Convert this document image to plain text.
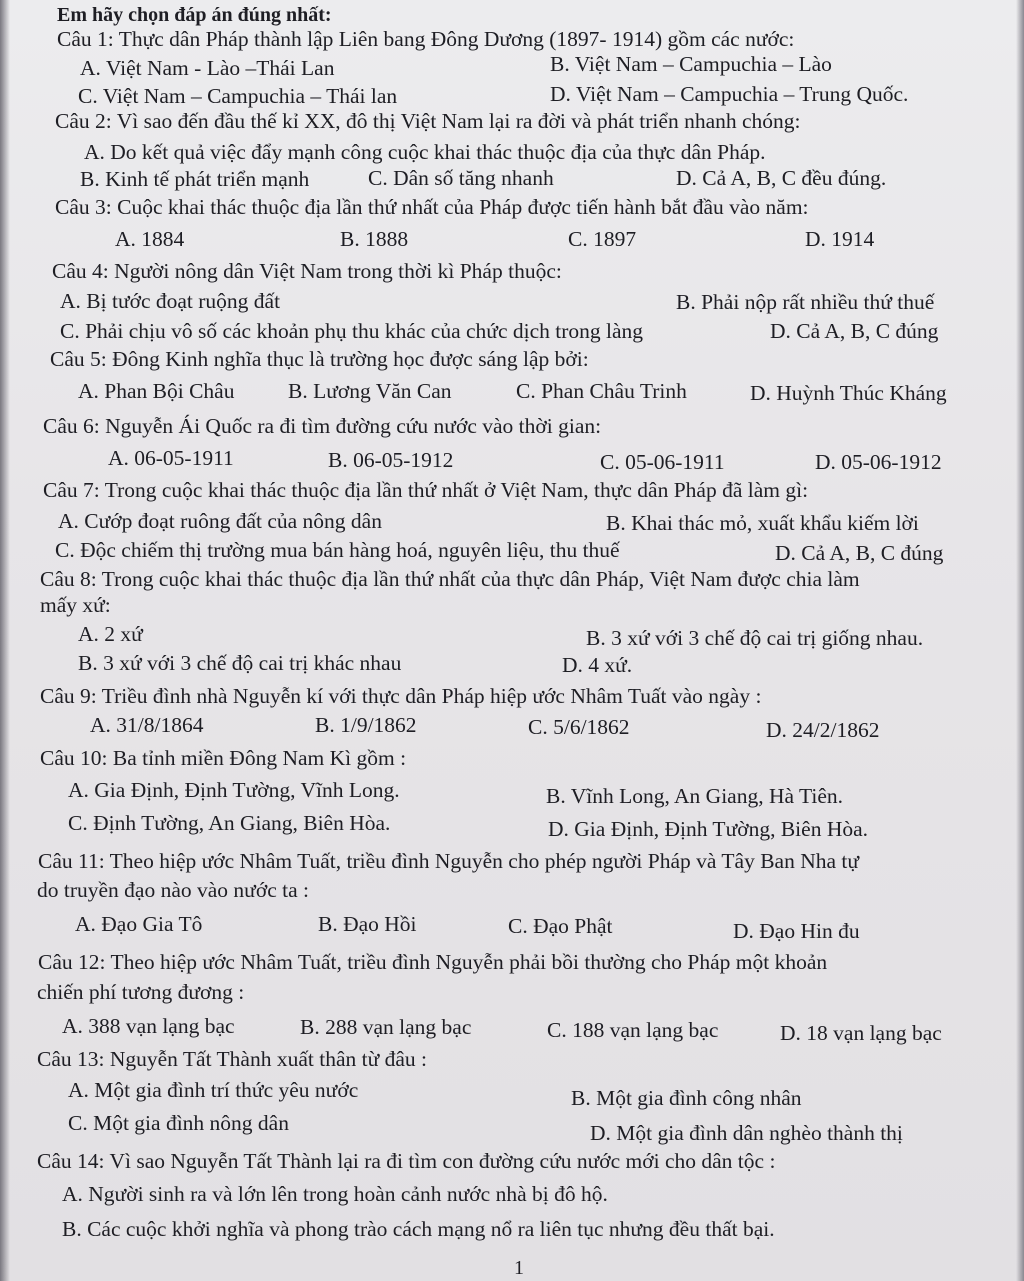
Em hãy chọn đáp án đúng nhất:
Câu 1: Thực dân Pháp thành lập Liên bang Đông Dương (1897- 1914) gồm các nước:
A. Việt Nam - Lào –Thái Lan	B. Việt Nam – Campuchia – Lào
C. Việt Nam – Campuchia – Thái lan	D. Việt Nam – Campuchia – Trung Quốc.
Câu 2: Vì sao đến đầu thế kỉ XX, đô thị Việt Nam lại ra đời và phát triển nhanh chóng:
A. Do kết quả việc đẩy mạnh công cuộc khai thác thuộc địa của thực dân Pháp.
B. Kinh tế phát triển mạnh	C. Dân số tăng nhanh	D. Cả A, B, C đều đúng.
Câu 3: Cuộc khai thác thuộc địa lần thứ nhất của Pháp được tiến hành bắt đầu vào năm:
A. 1884	B. 1888	C. 1897	D. 1914
Câu 4: Người nông dân Việt Nam trong thời kì Pháp thuộc:
A. Bị tước đoạt ruộng đất	B. Phải nộp rất nhiều thứ thuế
C. Phải chịu vô số các khoản phụ thu khác của chức dịch trong làng	D. Cả A, B, C đúng
Câu 5: Đông Kinh nghĩa thục là trường học được sáng lập bởi:
A. Phan Bội Châu B. Lương Văn Can	C. Phan Châu Trinh	D. Huỳnh Thúc Kháng
Câu 6: Nguyễn Ái Quốc ra đi tìm đường cứu nước vào thời gian:
A. 06-05-1911	B. 06-05-1912	C. 05-06-1911	D. 05-06-1912
Câu 7: Trong cuộc khai thác thuộc địa lần thứ nhất ở Việt Nam, thực dân Pháp đã làm gì:
A. Cướp đoạt ruông đất của nông dân	B. Khai thác mỏ, xuất khẩu kiếm lời
C. Độc chiếm thị trường mua bán hàng hoá, nguyên liệu, thu thuế	D. Cả A, B, C đúng
Câu 8: Trong cuộc khai thác thuộc địa lần thứ nhất của thực dân Pháp, Việt Nam được chia làm
mấy xứ:
A. 2 xứ	B. 3 xứ với 3 chế độ cai trị giống nhau.
B. 3 xứ với 3 chế độ cai trị khác nhau	D. 4 xứ.
Câu 9: Triều đình nhà Nguyễn kí với thực dân Pháp hiệp ước Nhâm Tuất vào ngày :
A. 31/8/1864	B. 1/9/1862	C. 5/6/1862	D. 24/2/1862
Câu 10: Ba tỉnh miền Đông Nam Kì gồm :
A. Gia Định, Định Tường, Vĩnh Long.	B. Vĩnh Long, An Giang, Hà Tiên.
C. Định Tường, An Giang, Biên Hòa.	D. Gia Định, Định Tường, Biên Hòa.
Câu 11: Theo hiệp ước Nhâm Tuất, triều đình Nguyễn cho phép người Pháp và Tây Ban Nha tự
do truyền đạo nào vào nước ta :
A. Đạo Gia Tô	B. Đạo Hồi	C. Đạo Phật	D. Đạo Hin đu
Câu 12: Theo hiệp ước Nhâm Tuất, triều đình Nguyễn phải bồi thường cho Pháp một khoản
chiến phí tương đương :
A. 388 vạn lạng bạc	B. 288 vạn lạng bạc	C. 188 vạn lạng bạc	D. 18 vạn lạng bạc
Câu 13: Nguyễn Tất Thành xuất thân từ đâu :
A. Một gia đình trí thức yêu nước	B. Một gia đình công nhân
C. Một gia đình nông dân	D. Một gia đình dân nghèo thành thị
Câu 14: Vì sao Nguyễn Tất Thành lại ra đi tìm con đường cứu nước mới cho dân tộc :
A. Người sinh ra và lớn lên trong hoàn cảnh nước nhà bị đô hộ.
B. Các cuộc khởi nghĩa và phong trào cách mạng nổ ra liên tục nhưng đều thất bại.
1
